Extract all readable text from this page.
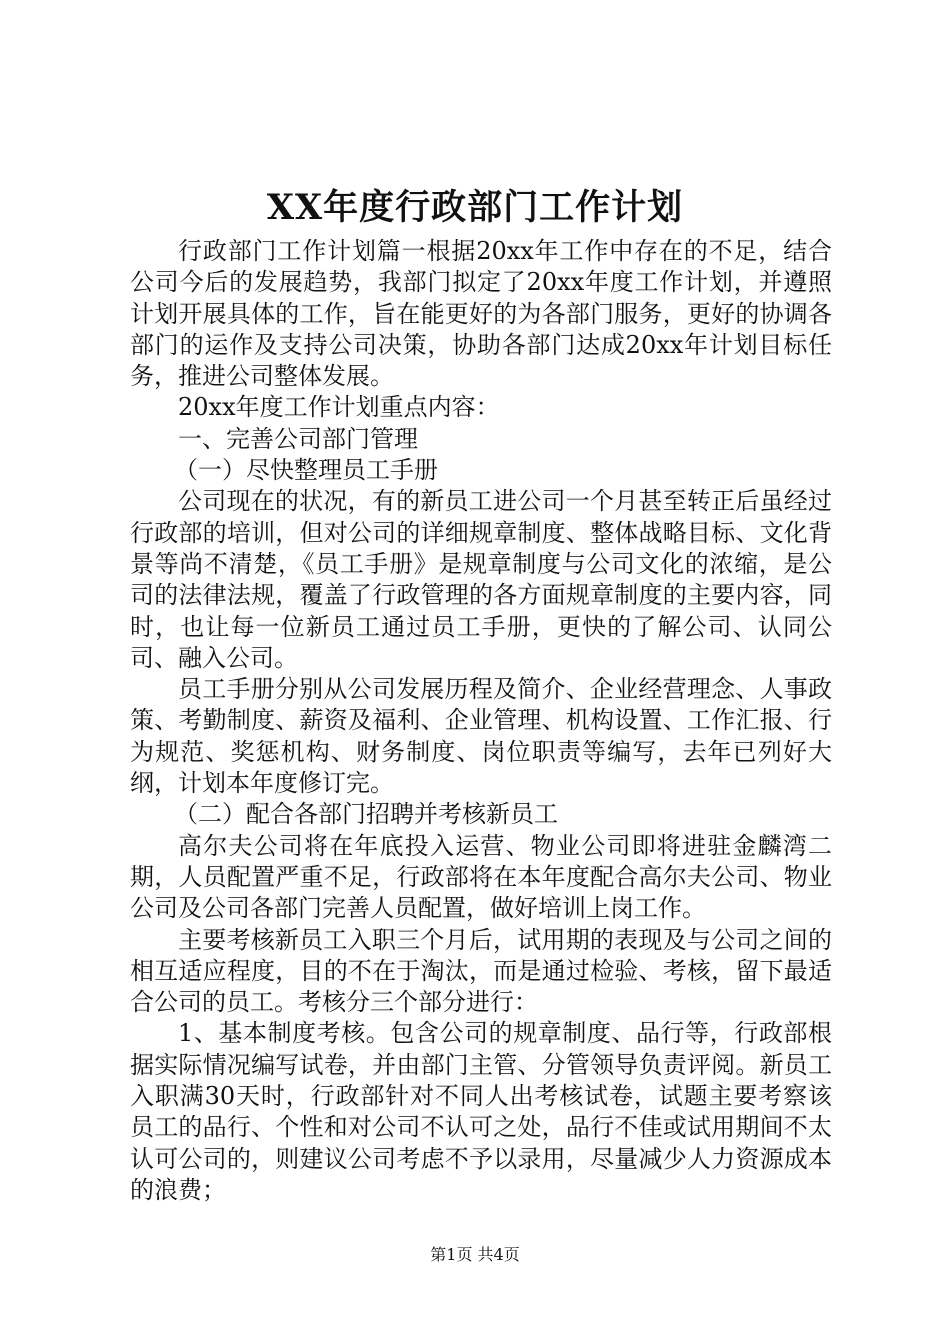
XX年度行政部门工作计划

行政部门工作计划篇一根据20xx年工作中存在的不足，结合公司今后的发展趋势，我部门拟定了20xx年度工作计划，并遵照计划开展具体的工作，旨在能更好的为各部门服务，更好的协调各部门的运作及支持公司决策，协助各部门达成20xx年计划目标任务，推进公司整体发展。

20xx年度工作计划重点内容：

一、完善公司部门管理

（一）尽快整理员工手册

公司现在的状况，有的新员工进公司一个月甚至转正后虽经过行政部的培训，但对公司的详细规章制度、整体战略目标、文化背景等尚不清楚，《员工手册》是规章制度与公司文化的浓缩，是公司的法律法规，覆盖了行政管理的各方面规章制度的主要内容，同时，也让每一位新员工通过员工手册，更快的了解公司、认同公司、融入公司。

员工手册分别从公司发展历程及简介、企业经营理念、人事政策、考勤制度、薪资及福利、企业管理、机构设置、工作汇报、行为规范、奖惩机构、财务制度、岗位职责等编写，去年已列好大纲，计划本年度修订完。

（二）配合各部门招聘并考核新员工

高尔夫公司将在年底投入运营、物业公司即将进驻金麟湾二期，人员配置严重不足，行政部将在本年度配合高尔夫公司、物业公司及公司各部门完善人员配置，做好培训上岗工作。

主要考核新员工入职三个月后，试用期的表现及与公司之间的相互适应程度，目的不在于淘汰，而是通过检验、考核，留下最适合公司的员工。考核分三个部分进行：

1、基本制度考核。包含公司的规章制度、品行等，行政部根据实际情况编写试卷，并由部门主管、分管领导负责评阅。新员工入职满30天时，行政部针对不同人出考核试卷，试题主要考察该员工的品行、个性和对公司不认可之处，品行不佳或试用期间不太认可公司的，则建议公司考虑不予以录用，尽量减少人力资源成本的浪费；

第1页 共4页
